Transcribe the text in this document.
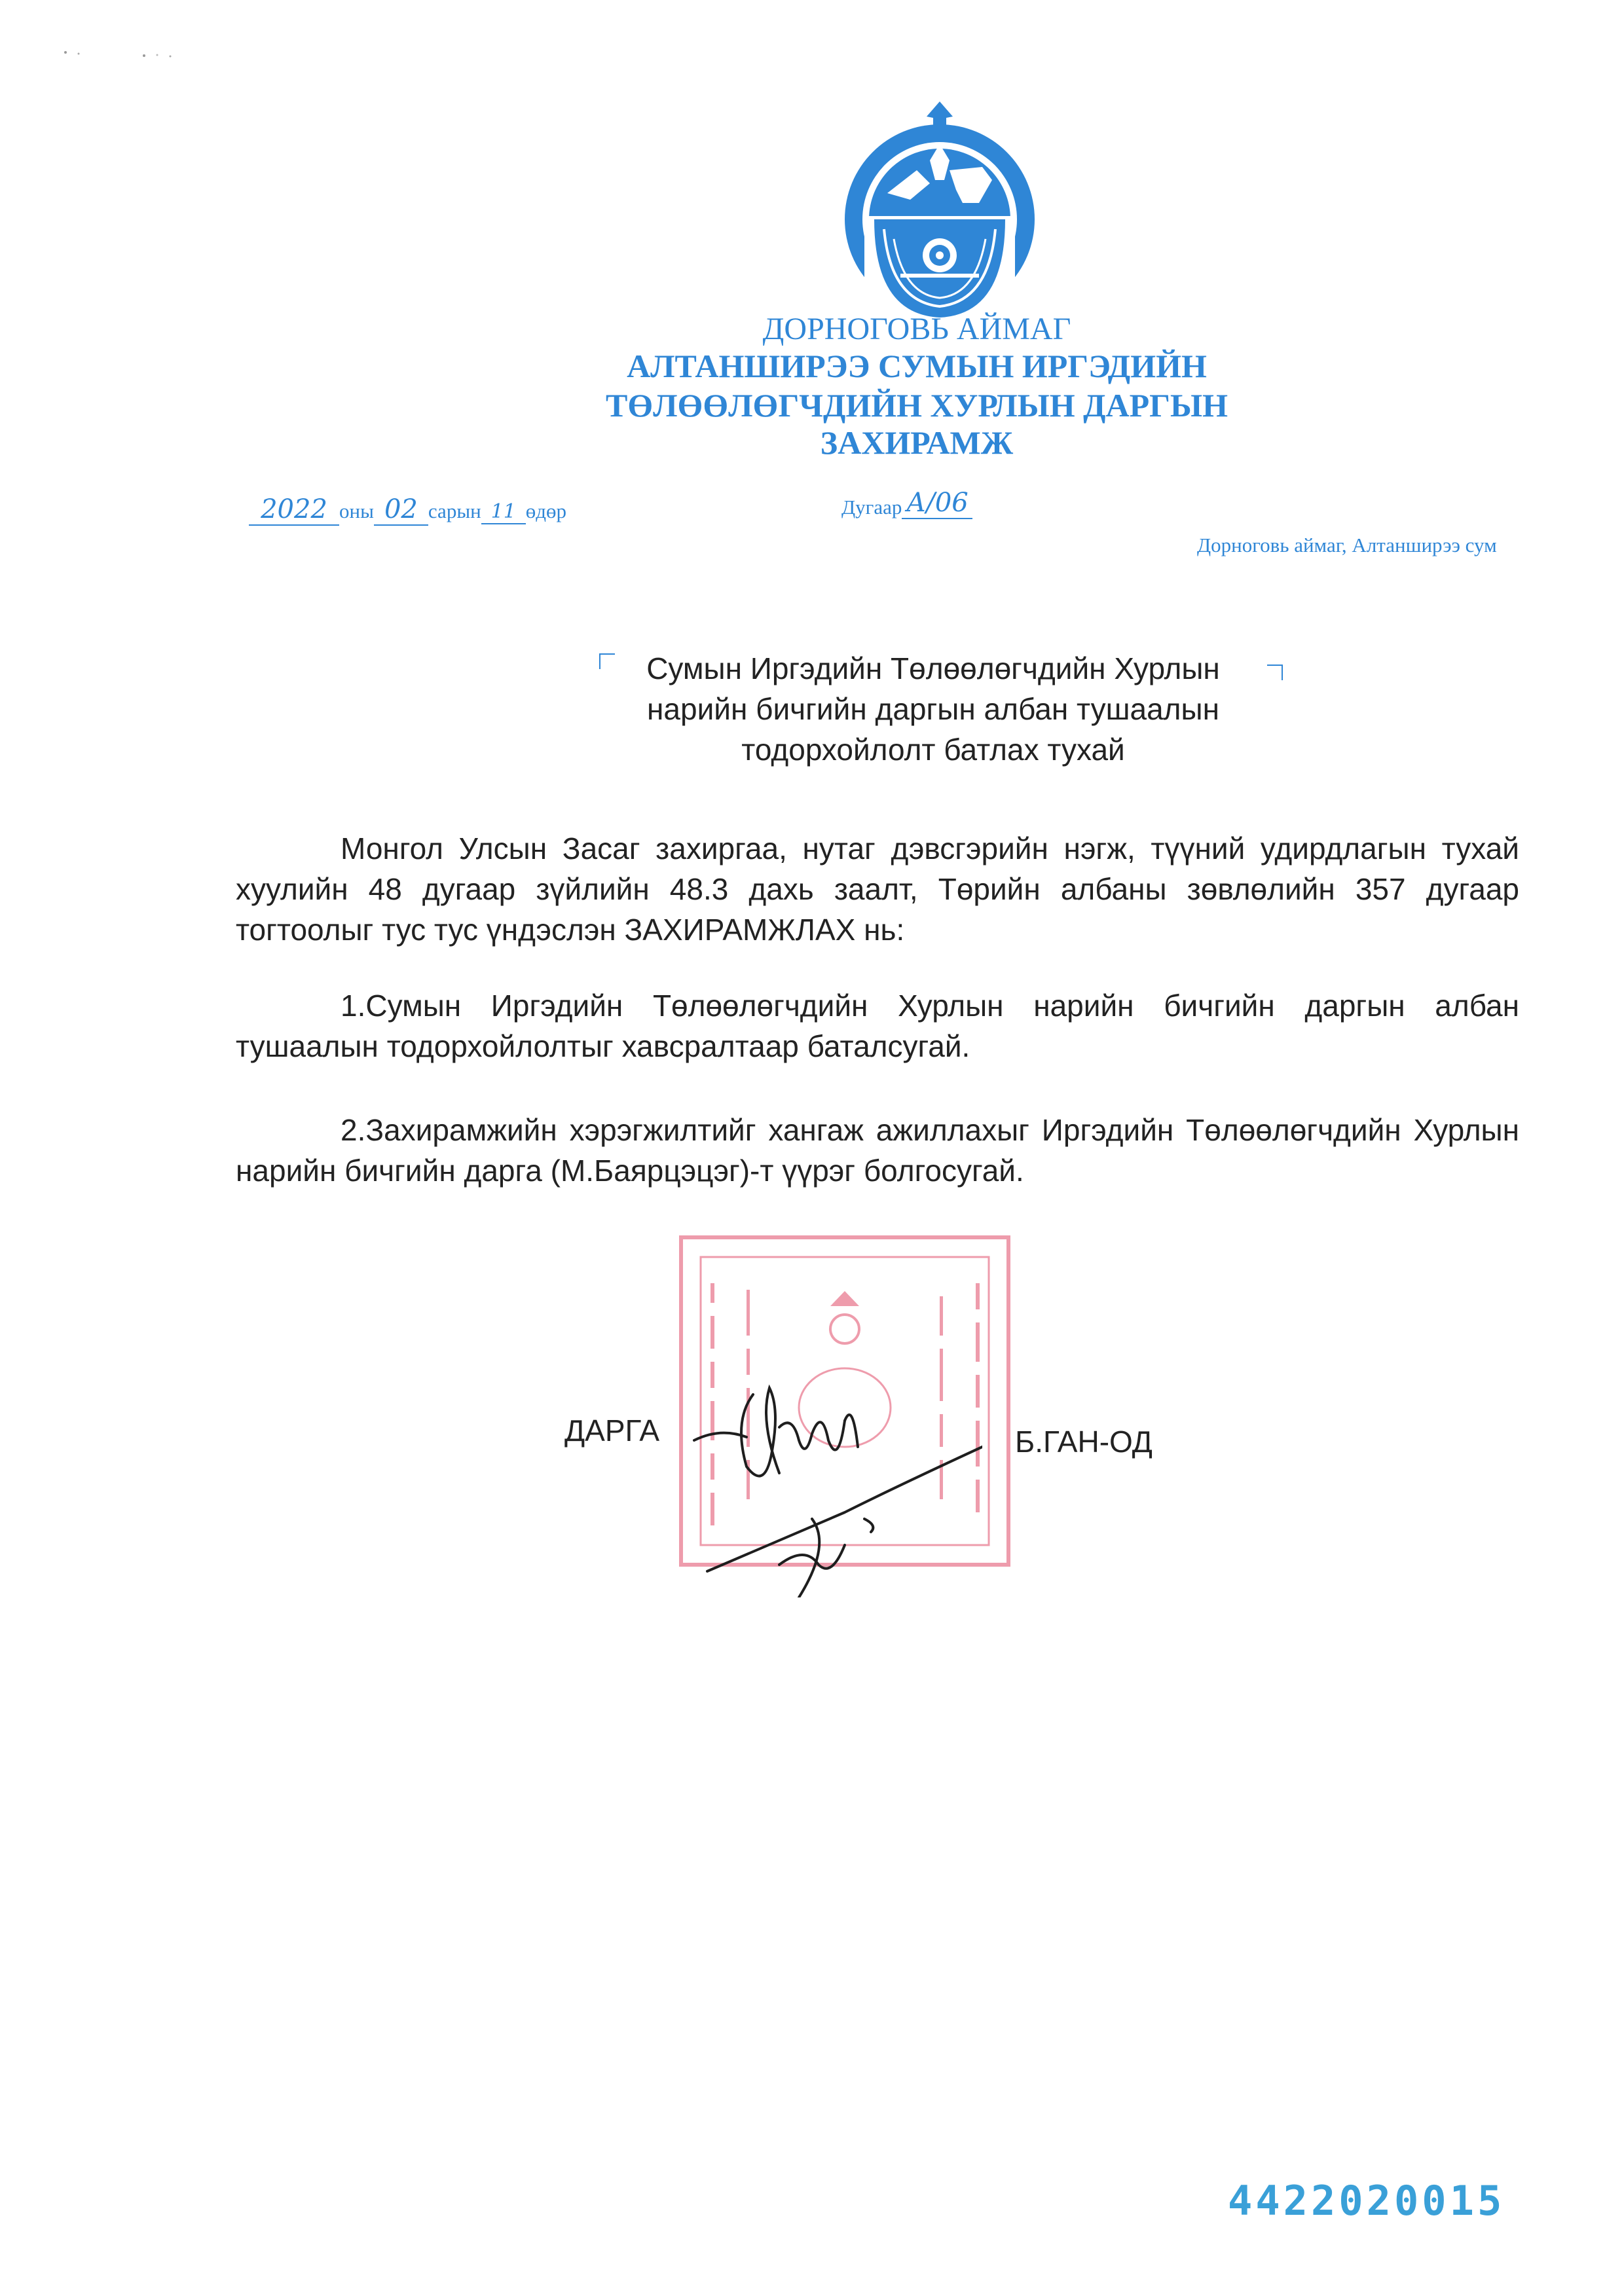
ДОРНОГОВЬ АЙМАГ
АЛТАНШИРЭЭ СУМЫН ИРГЭДИЙН
ТӨЛӨӨЛӨГЧДИЙН ХУРЛЫН ДАРГЫН
ЗАХИРАМЖ
2022 оны 02 сарын 11 өдөр	Дугаар А/06
Дорноговь аймаг, Алтанширээ сум
Сумын Иргэдийн Төлөөлөгчдийн Хурлын
нарийн бичгийн даргын албан тушаалын
тодорхойлолт батлах тухай
Монгол Улсын Засаг захиргаа, нутаг дэвсгэрийн нэгж, түүний удирдлагын тухай хуулийн 48 дугаар зүйлийн 48.3 дахь заалт, Төрийн албаны зөвлөлийн 357 дугаар тогтоолыг тус тус үндэслэн ЗАХИРАМЖЛАХ нь:
1.Сумын Иргэдийн Төлөөлөгчдийн Хурлын нарийн бичгийн даргын албан тушаалын тодорхойлолтыг хавсралтаар баталсугай.
2.Захирамжийн хэрэгжилтийг хангаж ажиллахыг Иргэдийн Төлөөлөгчдийн Хурлын нарийн бичгийн дарга (М.Баярцэцэг)-т үүрэг болгосугай.
ДАРГА	Б.ГАН-ОД
4422020015
